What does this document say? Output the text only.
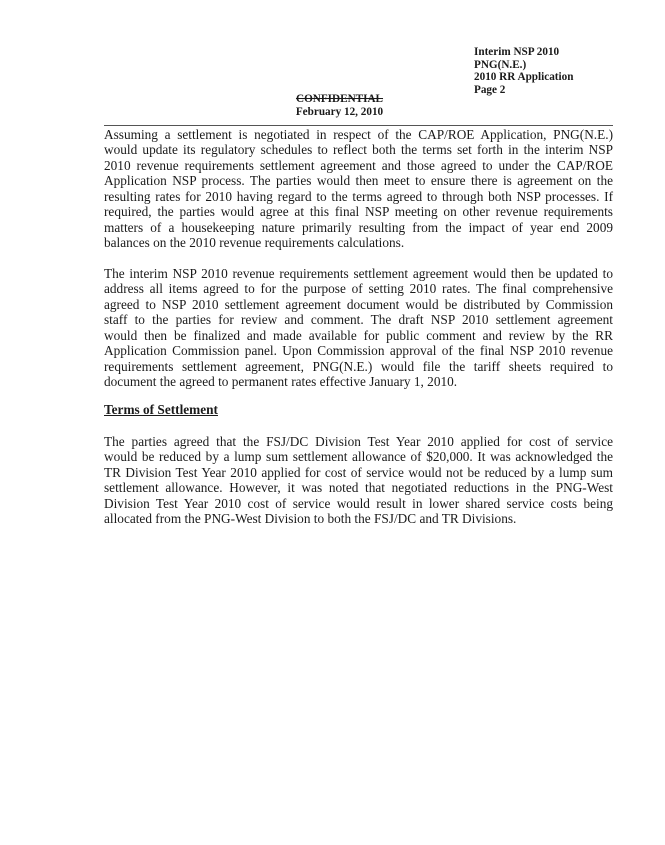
Interim NSP 2010
PNG(N.E.)
2010 RR Application
Page 2
CONFIDENTIAL
February 12, 2010
Assuming a settlement is negotiated in respect of the CAP/ROE Application, PNG(N.E.)
would update its regulatory schedules to reflect both the terms set forth in the interim NSP
2010 revenue requirements settlement agreement and those agreed to under the CAP/ROE
Application NSP process. The parties would then meet to ensure there is agreement on the
resulting rates for 2010 having regard to the terms agreed to through both NSP processes. If
required, the parties would agree at this final NSP meeting on other revenue requirements
matters of a housekeeping nature primarily resulting from the impact of year end 2009
balances on the 2010 revenue requirements calculations.
The interim NSP 2010 revenue requirements settlement agreement would then be updated to
address all items agreed to for the purpose of setting 2010 rates. The final comprehensive
agreed to NSP 2010 settlement agreement document would be distributed by Commission
staff to the parties for review and comment. The draft NSP 2010 settlement agreement
would then be finalized and made available for public comment and review by the RR
Application Commission panel. Upon Commission approval of the final NSP 2010 revenue
requirements settlement agreement, PNG(N.E.) would file the tariff sheets required to
document the agreed to permanent rates effective January 1, 2010.
Terms of Settlement
The parties agreed that the FSJ/DC Division Test Year 2010 applied for cost of service
would be reduced by a lump sum settlement allowance of $20,000. It was acknowledged the
TR Division Test Year 2010 applied for cost of service would not be reduced by a lump sum
settlement allowance. However, it was noted that negotiated reductions in the PNG-West
Division Test Year 2010 cost of service would result in lower shared service costs being
allocated from the PNG-West Division to both the FSJ/DC and TR Divisions.
